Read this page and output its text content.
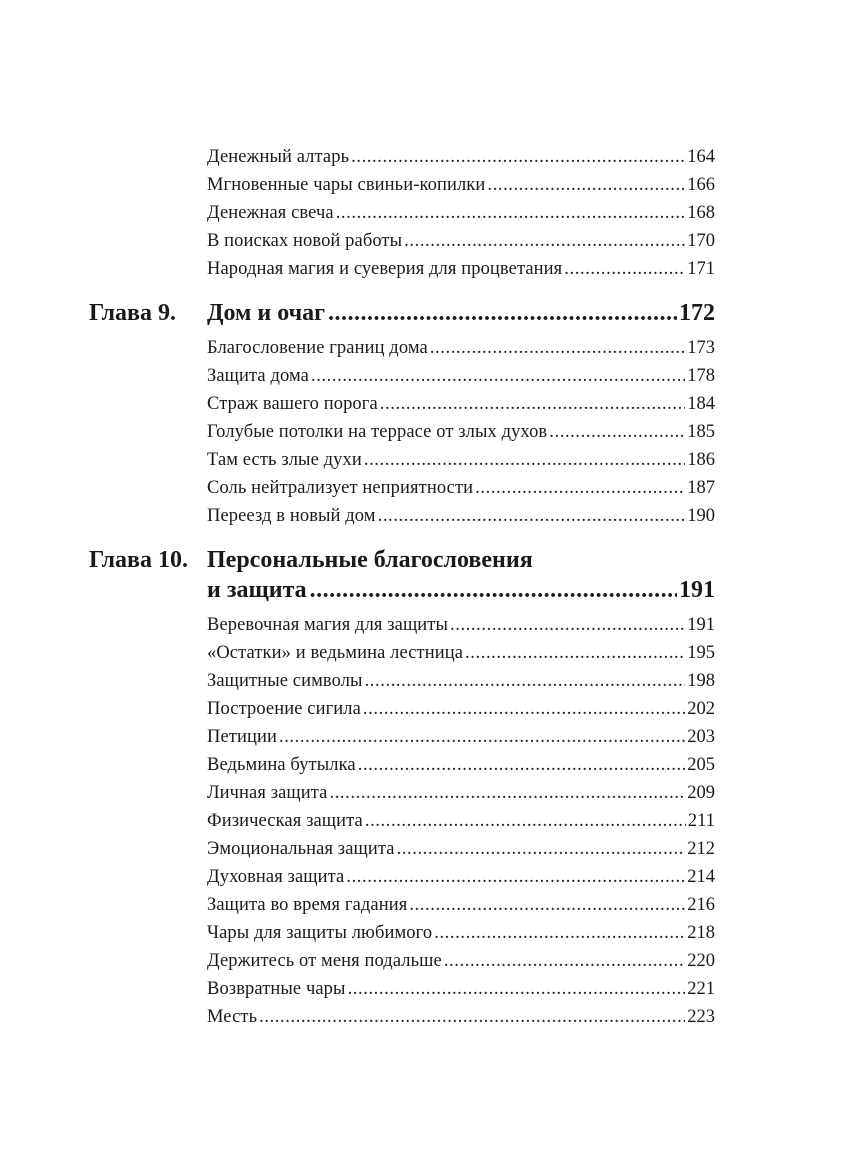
Денежный алтарь .....	164
Мгновенные чары свиньи-копилки .....	166
Денежная свеча .....	168
В поисках новой работы .....	170
Народная магия и суеверия для процветания .....	171
Глава 9. Дом и очаг .....	172
Благословение границ дома .....	173
Защита дома .....	178
Страж вашего порога .....	184
Голубые потолки на террасе от злых духов .....	185
Там есть злые духи .....	186
Соль нейтрализует неприятности .....	187
Переезд в новый дом .....	190
Глава 10. Персональные благословения
и защита .....	191
Веревочная магия для защиты .....	191
«Остатки» и ведьмина лестница .....	195
Защитные символы .....	198
Построение сигила .....	202
Петиции .....	203
Ведьмина бутылка .....	205
Личная защита .....	209
Физическая защита .....	211
Эмоциональная защита .....	212
Духовная защита .....	214
Защита во время гадания .....	216
Чары для защиты любимого .....	218
Держитесь от меня подальше .....	220
Возвратные чары .....	221
Месть .....	223
